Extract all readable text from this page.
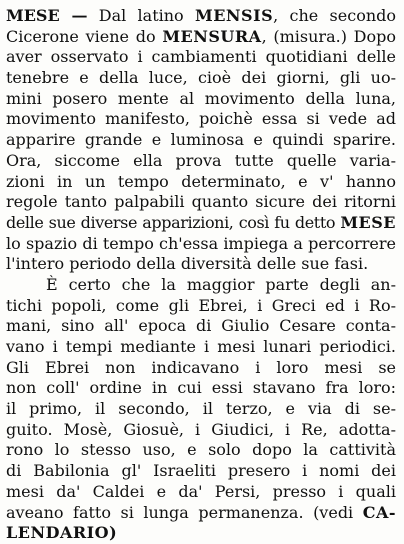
MESE — Dal latino MENSIS, che secondo
Cicerone viene do MENSURA, (misura.) Dopo
aver osservato i cambiamenti quotidiani delle
tenebre e della luce, cioè dei giorni, gli uo-
mini posero mente al movimento della luna,
movimento manifesto, poichè essa si vede ad
apparire grande e luminosa e quindi sparire.
Ora, siccome ella prova tutte quelle varia-
zioni in un tempo determinato, e v' hanno
regole tanto palpabili quanto sicure dei ritorni
delle sue diverse apparizioni, così fu detto MESE
lo spazio di tempo ch'essa impiega a percorrere
l'intero periodo della diversità delle sue fasi.
È certo che la maggior parte degli an-
tichi popoli, come gli Ebrei, i Greci ed i Ro-
mani, sino all' epoca di Giulio Cesare conta-
vano i tempi mediante i mesi lunari periodici.
Gli Ebrei non indicavano i loro mesi se
non coll' ordine in cui essi stavano fra loro:
il primo, il secondo, il terzo, e via di se-
guito. Mosè, Giosuè, i Giudici, i Re, adotta-
rono lo stesso uso, e solo dopo la cattività
di Babilonia gl' Israeliti presero i nomi dei
mesi da' Caldei e da' Persi, presso i quali
aveano fatto si lunga permanenza. (vedi CA-
LENDARIO)
